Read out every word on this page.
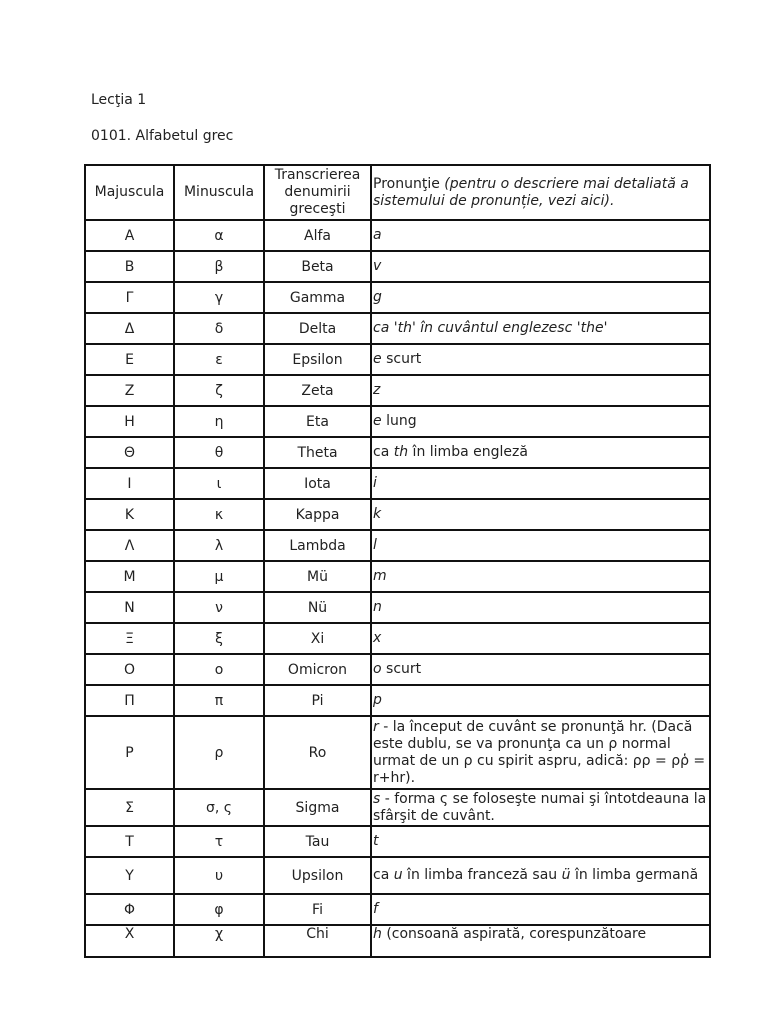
Lecţia 1
0101. Alfabetul grec
Majuscula	Minuscula	Transcrierea denumirii greceşti	Pronunţie (pentru o descriere mai detaliată a sistemului de pronunție, vezi aici).
Α	α	Alfa	a
Β	β	Beta	v
Γ	γ	Gamma	g
Δ	δ	Delta	ca 'th' în cuvântul englezesc 'the'
Ε	ε	Epsilon	e scurt
Ζ	ζ	Zeta	z
Η	η	Eta	e lung
Θ	θ	Theta	ca th în limba engleză
Ι	ι	Iota	i
Κ	κ	Kappa	k
Λ	λ	Lambda	l
Μ	μ	Mü	m
Ν	ν	Nü	n
Ξ	ξ	Xi	x
Ο	ο	Omicron	o scurt
Π	π	Pi	p
Ρ	ρ	Ro	r - la început de cuvânt se pronunţă hr. (Dacă este dublu, se va pronunţa ca un ρ normal urmat de un ρ cu spirit aspru, adică: ρρ = ρῥ = r+hr).
Σ	σ, ς	Sigma	s - forma ς se foloseşte numai şi întotdeauna la sfârşit de cuvânt.
Τ	τ	Tau	t
Υ	υ	Upsilon	ca u în limba franceză sau ü în limba germană
Φ	φ	Fi	f
Χ	χ	Chi	h (consoană aspirată, corespunzătoare
